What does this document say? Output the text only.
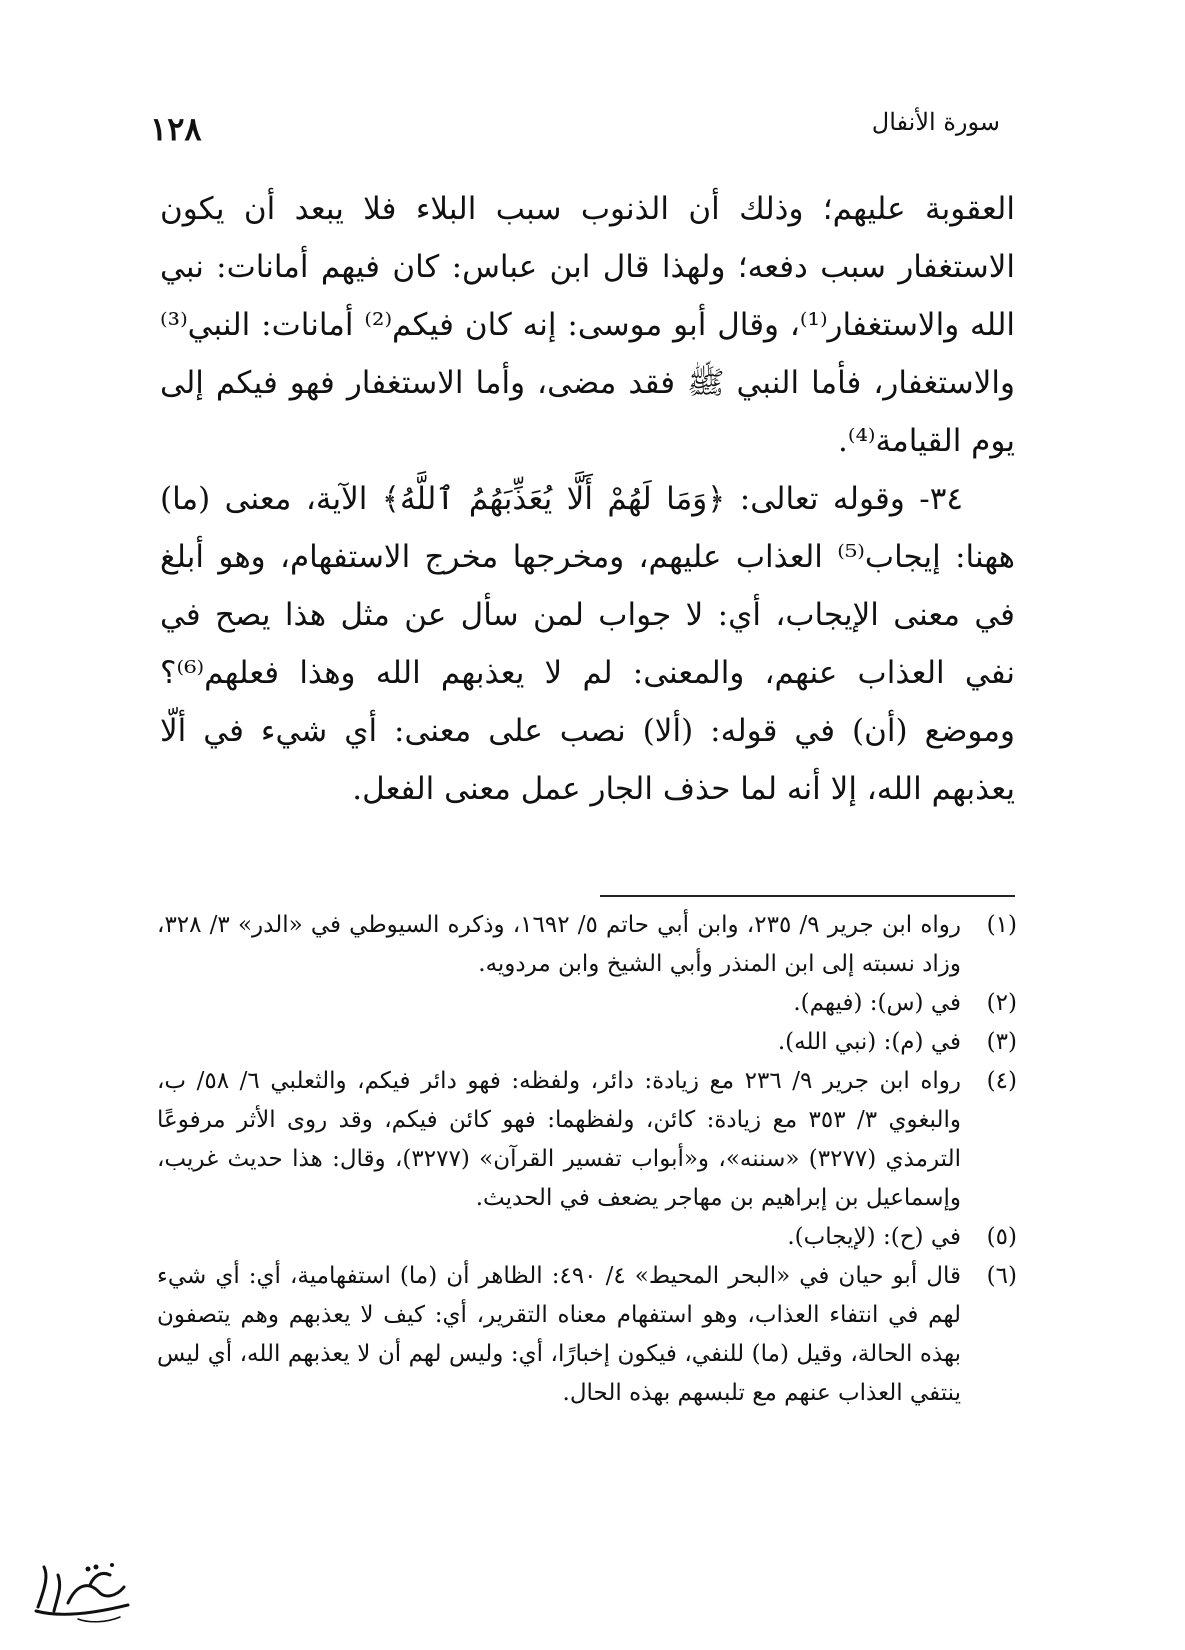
سورة الأنفال
١٢٨

العقوبة عليهم؛ وذلك أن الذنوب سبب البلاء فلا يبعد أن يكون الاستغفار سبب دفعه؛ ولهذا قال ابن عباس: كان فيهم أمانات: نبي الله والاستغفار⁽¹⁾، وقال أبو موسى: إنه كان فيكم⁽²⁾ أمانات: النبي⁽³⁾ والاستغفار، فأما النبي ﷺ فقد مضى، وأما الاستغفار فهو فيكم إلى يوم القيامة⁽⁴⁾.

٣٤- وقوله تعالى: ﴿وَمَا لَهُمْ أَلَّا يُعَذِّبَهُمُ ٱللَّهُ﴾ الآية، معنى (ما) ههنا: إيجاب⁽⁵⁾ العذاب عليهم، ومخرجها مخرج الاستفهام، وهو أبلغ في معنى الإيجاب، أي: لا جواب لمن سأل عن مثل هذا يصح في نفي العذاب عنهم، والمعنى: لم لا يعذبهم الله وهذا فعلهم⁽⁶⁾؟ وموضع (أن) في قوله: (ألا) نصب على معنى: أي شيء في ألّا يعذبهم الله، إلا أنه لما حذف الجار عمل معنى الفعل.

(١)
رواه ابن جرير ٩/ ٢٣٥، وابن أبي حاتم ٥/ ١٦٩٢، وذكره السيوطي في «الدر» ٣/ ٣٢٨، وزاد نسبته إلى ابن المنذر وأبي الشيخ وابن مردويه.
(٢)
في (س): (فيهم).
(٣)
في (م): (نبي الله).
(٤)
رواه ابن جرير ٩/ ٢٣٦ مع زيادة: دائر، ولفظه: فهو دائر فيكم، والثعلبي ٦/ ٥٨/ ب، والبغوي ٣/ ٣٥٣ مع زيادة: كائن، ولفظهما: فهو كائن فيكم، وقد روى الأثر مرفوعًا الترمذي (٣٢٧٧) «سننه»، و«أبواب تفسير القرآن» (٣٢٧٧)، وقال: هذا حديث غريب، وإسماعيل بن إبراهيم بن مهاجر يضعف في الحديث.
(٥)
في (ح): (لإيجاب).
(٦)
قال أبو حيان في «البحر المحيط» ٤/ ٤٩٠: الظاهر أن (ما) استفهامية، أي: أي شيء لهم في انتفاء العذاب، وهو استفهام معناه التقرير، أي: كيف لا يعذبهم وهم يتصفون بهذه الحالة، وقيل (ما) للنفي، فيكون إخبارًا، أي: وليس لهم أن لا يعذبهم الله، أي ليس ينتفي العذاب عنهم مع تلبسهم بهذه الحال.
